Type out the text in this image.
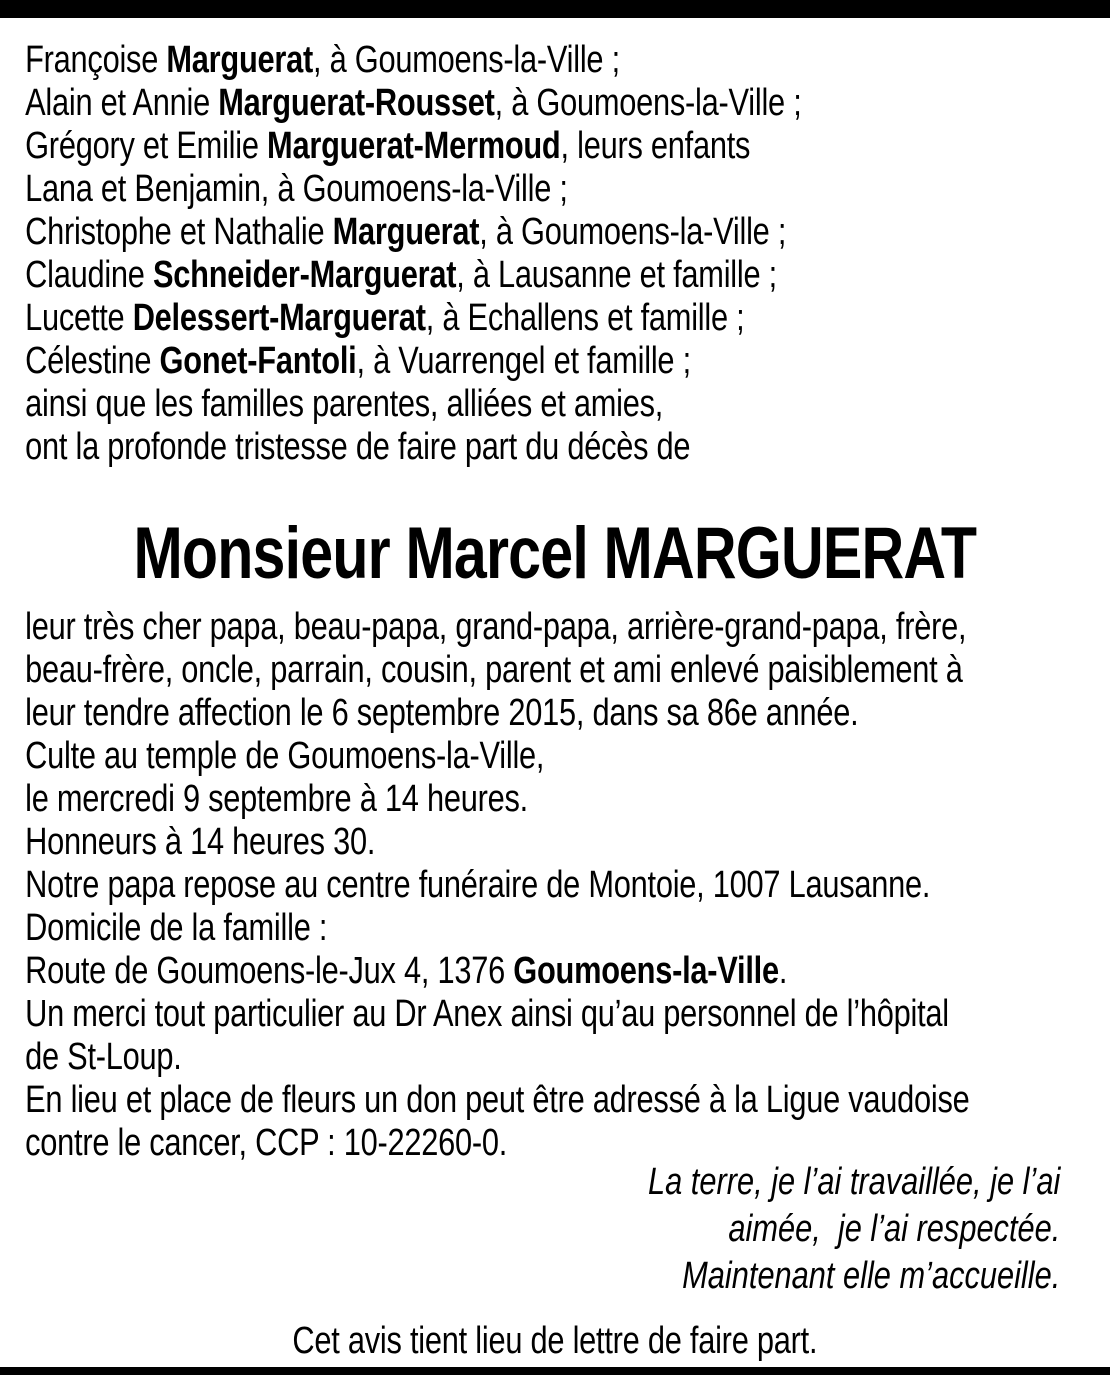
Françoise Marguerat, à Goumoens-la-Ville ;
Alain et Annie Marguerat-Rousset, à Goumoens-la-Ville ;
Grégory et Emilie Marguerat-Mermoud, leurs enfants
Lana et Benjamin, à Goumoens-la-Ville ;
Christophe et Nathalie Marguerat, à Goumoens-la-Ville ;
Claudine Schneider-Marguerat, à Lausanne et famille ;
Lucette Delessert-Marguerat, à Echallens et famille ;
Célestine Gonet-Fantoli, à Vuarrengel et famille ;
ainsi que les familles parentes, alliées et amies,
ont la profonde tristesse de faire part du décès de
Monsieur Marcel MARGUERAT
leur très cher papa, beau-papa, grand-papa, arrière-grand-papa, frère,
beau-frère, oncle, parrain, cousin, parent et ami enlevé paisiblement à
leur tendre affection le 6 septembre 2015, dans sa 86e année.
Culte au temple de Goumoens-la-Ville,
le mercredi 9 septembre à 14 heures.
Honneurs à 14 heures 30.
Notre papa repose au centre funéraire de Montoie, 1007 Lausanne.
Domicile de la famille :
Route de Goumoens-le-Jux 4, 1376 Goumoens-la-Ville.
Un merci tout particulier au Dr Anex ainsi qu’au personnel de l’hôpital
de St-Loup.
En lieu et place de fleurs un don peut être adressé à la Ligue vaudoise
contre le cancer, CCP : 10-22260-0.
La terre, je l’ai travaillée, je l’ai
aimée,  je l’ai respectée.
Maintenant elle m’accueille.
Cet avis tient lieu de lettre de faire part.
